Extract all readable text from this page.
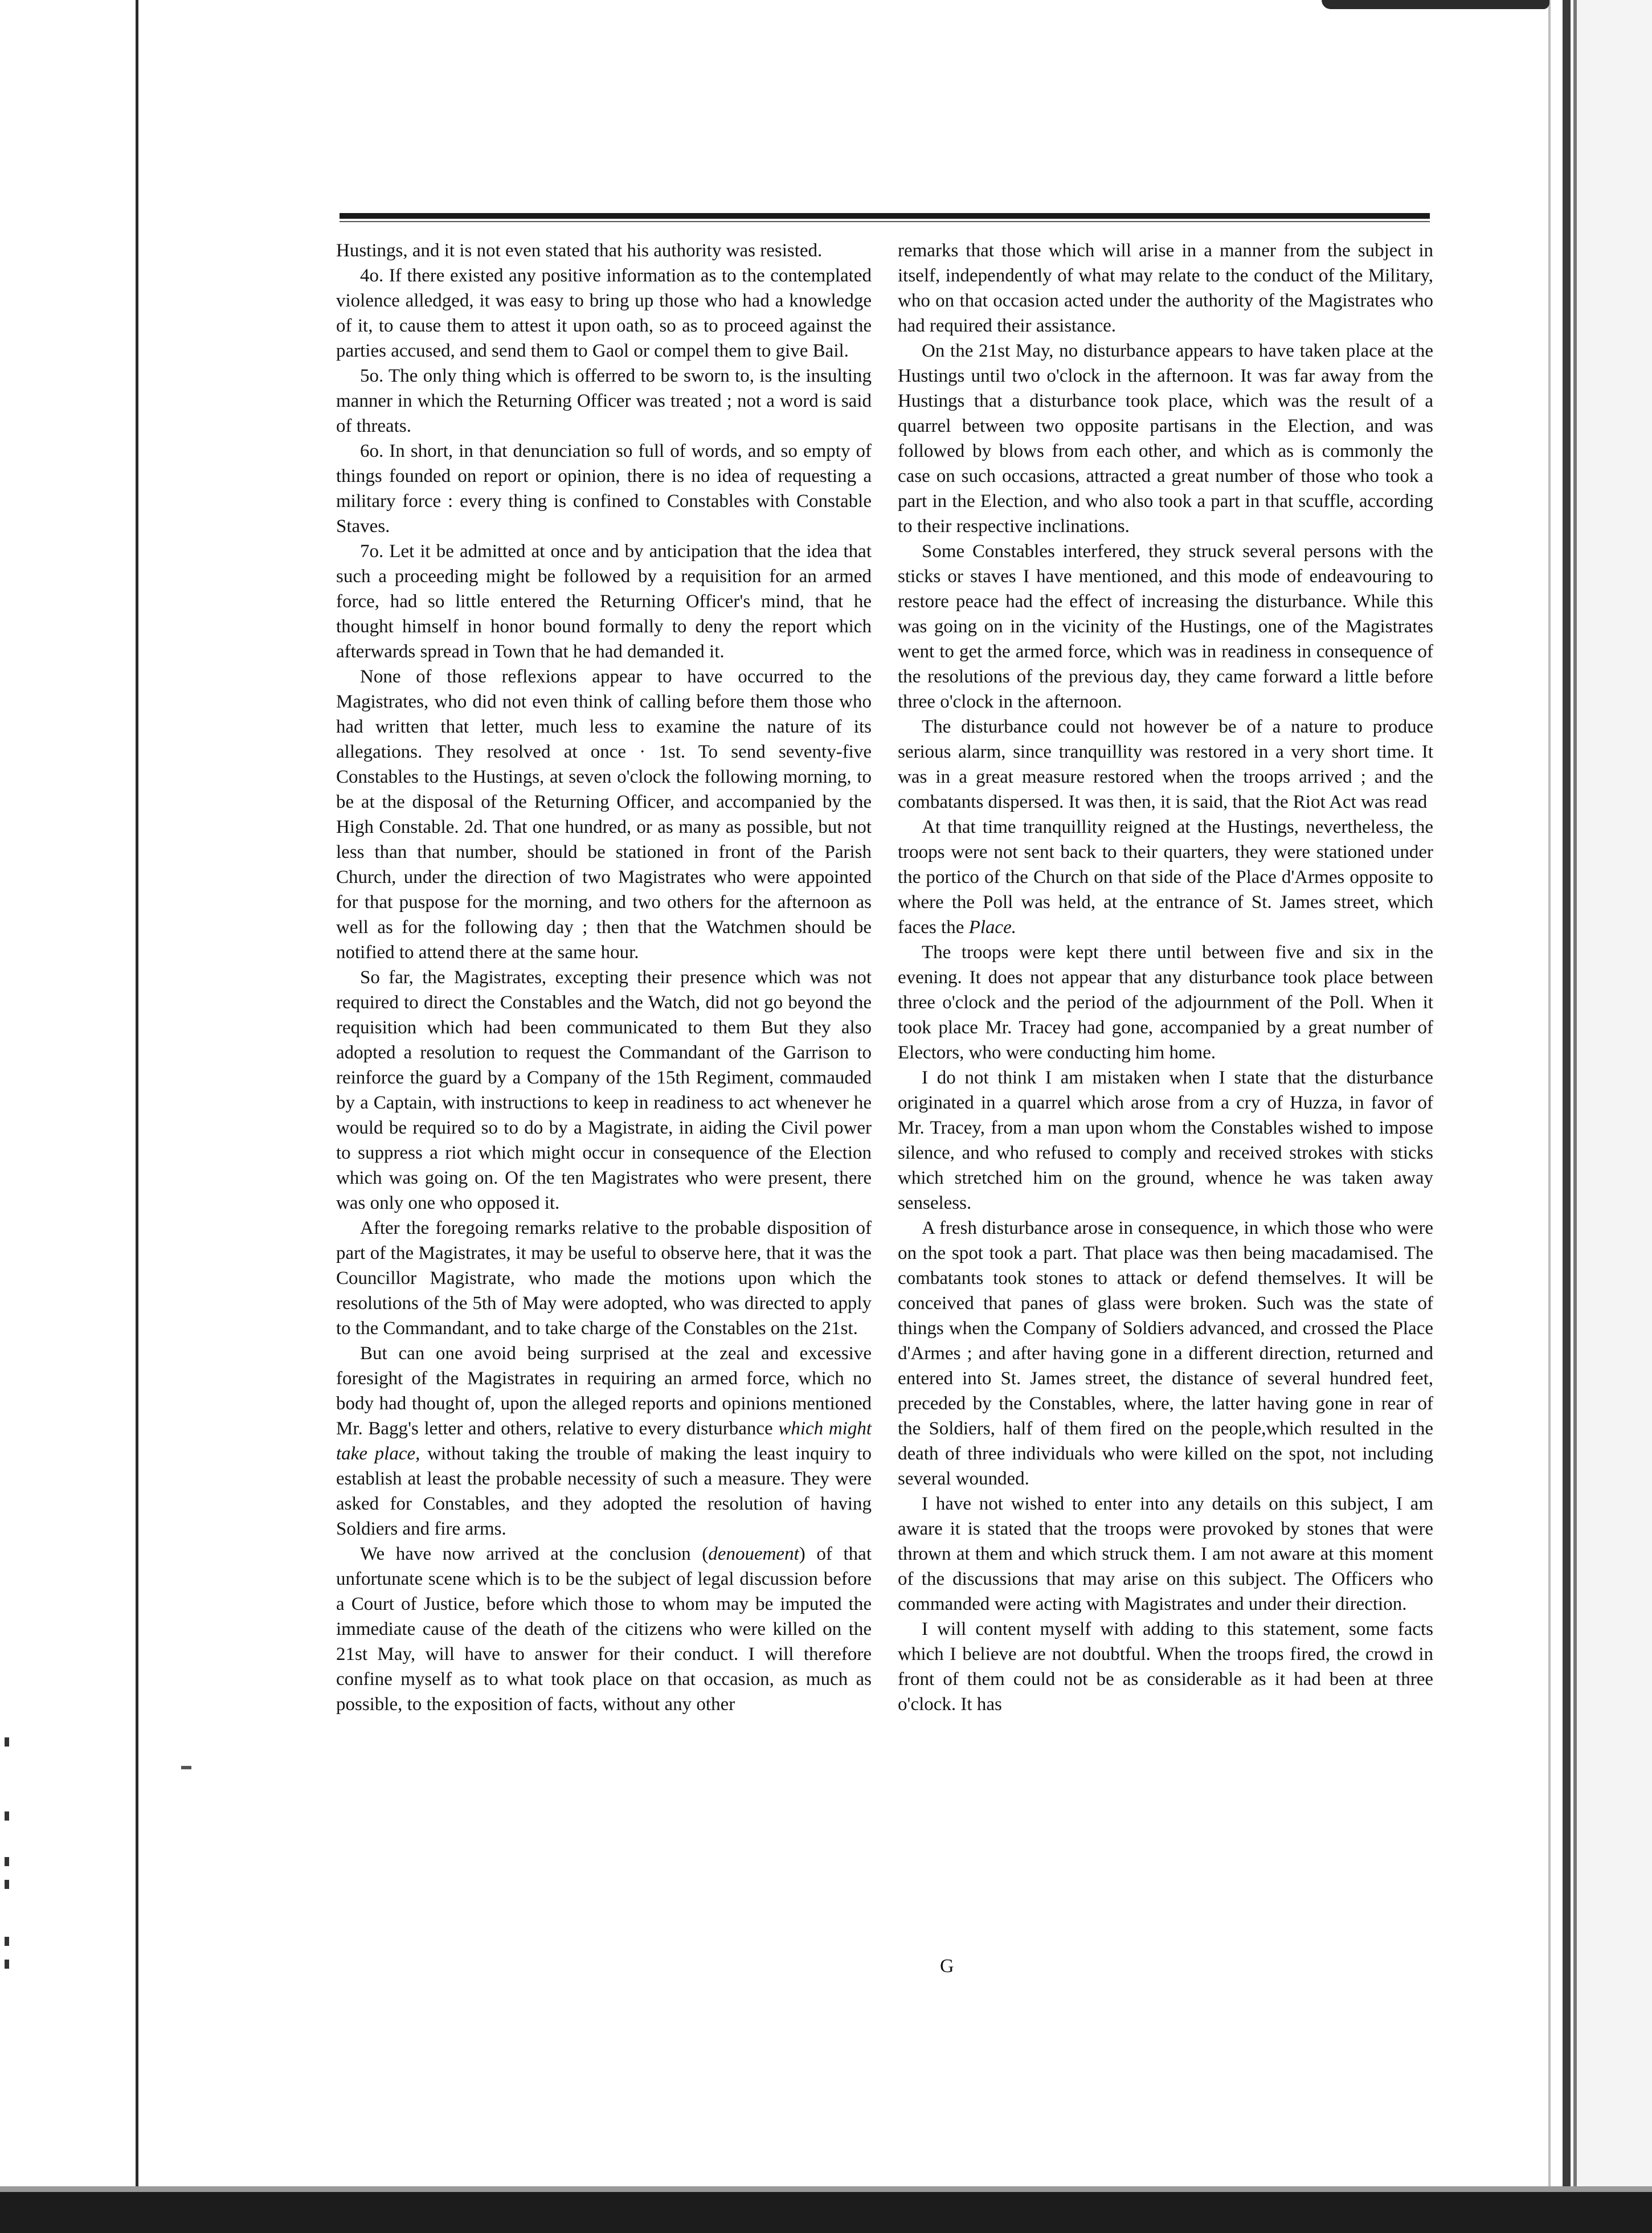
Hustings, and it is not even stated that his authority was resisted.

4o. If there existed any positive information as to the contemplated violence alledged, it was easy to bring up those who had a knowledge of it, to cause them to attest it upon oath, so as to proceed against the parties accused, and send them to Gaol or compel them to give Bail.

5o. The only thing which is offerred to be sworn to, is the insulting manner in which the Returning Officer was treated ; not a word is said of threats.

6o. In short, in that denunciation so full of words, and so empty of things founded on report or opinion, there is no idea of requesting a military force : every thing is confined to Constables with Constable Staves.

7o. Let it be admitted at once and by anticipation that the idea that such a proceeding might be followed by a requisition for an armed force, had so little entered the Returning Officer's mind, that he thought himself in honor bound formally to deny the report which afterwards spread in Town that he had demanded it.

None of those reflexions appear to have occurred to the Magistrates, who did not even think of calling before them those who had written that letter, much less to examine the nature of its allegations. They resolved at once · 1st. To send seventy-five Constables to the Hustings, at seven o'clock the following morning, to be at the disposal of the Returning Officer, and accompanied by the High Constable. 2d. That one hundred, or as many as possible, but not less than that number, should be stationed in front of the Parish Church, under the direction of two Magistrates who were appointed for that puspose for the morning, and two others for the afternoon as well as for the following day ; then that the Watchmen should be notified to attend there at the same hour.

So far, the Magistrates, excepting their presence which was not required to direct the Constables and the Watch, did not go beyond the requisition which had been communicated to them But they also adopted a resolution to request the Commandant of the Garrison to reinforce the guard by a Company of the 15th Regiment, commauded by a Captain, with instructions to keep in readiness to act whenever he would be required so to do by a Magistrate, in aiding the Civil power to suppress a riot which might occur in consequence of the Election which was going on. Of the ten Magistrates who were present, there was only one who opposed it.

After the foregoing remarks relative to the probable disposition of part of the Magistrates, it may be useful to observe here, that it was the Councillor Magistrate, who made the motions upon which the resolutions of the 5th of May were adopted, who was directed to apply to the Commandant, and to take charge of the Constables on the 21st.

But can one avoid being surprised at the zeal and excessive foresight of the Magistrates in requiring an armed force, which no body had thought of, upon the alleged reports and opinions mentioned Mr. Bagg's letter and others, relative to every disturbance which might take place, without taking the trouble of making the least inquiry to establish at least the probable necessity of such a measure. They were asked for Constables, and they adopted the resolution of having Soldiers and fire arms.

We have now arrived at the conclusion (denouement) of that unfortunate scene which is to be the subject of legal discussion before a Court of Justice, before which those to whom may be imputed the immediate cause of the death of the citizens who were killed on the 21st May, will have to answer for their conduct. I will therefore confine myself as to what took place on that occasion, as much as possible, to the exposition of facts, without any other

remarks that those which will arise in a manner from the subject in itself, independently of what may relate to the conduct of the Military, who on that occasion acted under the authority of the Magistrates who had required their assistance.

On the 21st May, no disturbance appears to have taken place at the Hustings until two o'clock in the afternoon. It was far away from the Hustings that a disturbance took place, which was the result of a quarrel between two opposite partisans in the Election, and was followed by blows from each other, and which as is commonly the case on such occasions, attracted a great number of those who took a part in the Election, and who also took a part in that scuffle, according to their respective inclinations.

Some Constables interfered, they struck several persons with the sticks or staves I have mentioned, and this mode of endeavouring to restore peace had the effect of increasing the disturbance. While this was going on in the vicinity of the Hustings, one of the Magistrates went to get the armed force, which was in readiness in consequence of the resolutions of the previous day, they came forward a little before three o'clock in the afternoon.

The disturbance could not however be of a nature to produce serious alarm, since tranquillity was restored in a very short time. It was in a great measure restored when the troops arrived ; and the combatants dispersed. It was then, it is said, that the Riot Act was read

At that time tranquillity reigned at the Hustings, nevertheless, the troops were not sent back to their quarters, they were stationed under the portico of the Church on that side of the Place d'Armes opposite to where the Poll was held, at the entrance of St. James street, which faces the Place.

The troops were kept there until between five and six in the evening. It does not appear that any disturbance took place between three o'clock and the period of the adjournment of the Poll. When it took place Mr. Tracey had gone, accompanied by a great number of Electors, who were conducting him home.

I do not think I am mistaken when I state that the disturbance originated in a quarrel which arose from a cry of Huzza, in favor of Mr. Tracey, from a man upon whom the Constables wished to impose silence, and who refused to comply and received strokes with sticks which stretched him on the ground, whence he was taken away senseless.

A fresh disturbance arose in consequence, in which those who were on the spot took a part. That place was then being macadamised. The combatants took stones to attack or defend themselves. It will be conceived that panes of glass were broken. Such was the state of things when the Company of Soldiers advanced, and crossed the Place d'Armes ; and after having gone in a different direction, returned and entered into St. James street, the distance of several hundred feet, preceded by the Constables, where, the latter having gone in rear of the Soldiers, half of them fired on the people,which resulted in the death of three individuals who were killed on the spot, not including several wounded.

I have not wished to enter into any details on this subject, I am aware it is stated that the troops were provoked by stones that were thrown at them and which struck them. I am not aware at this moment of the discussions that may arise on this subject. The Officers who commanded were acting with Magistrates and under their direction.

I will content myself with adding to this statement, some facts which I believe are not doubtful. When the troops fired, the crowd in front of them could not be as considerable as it had been at three o'clock. It has

G
